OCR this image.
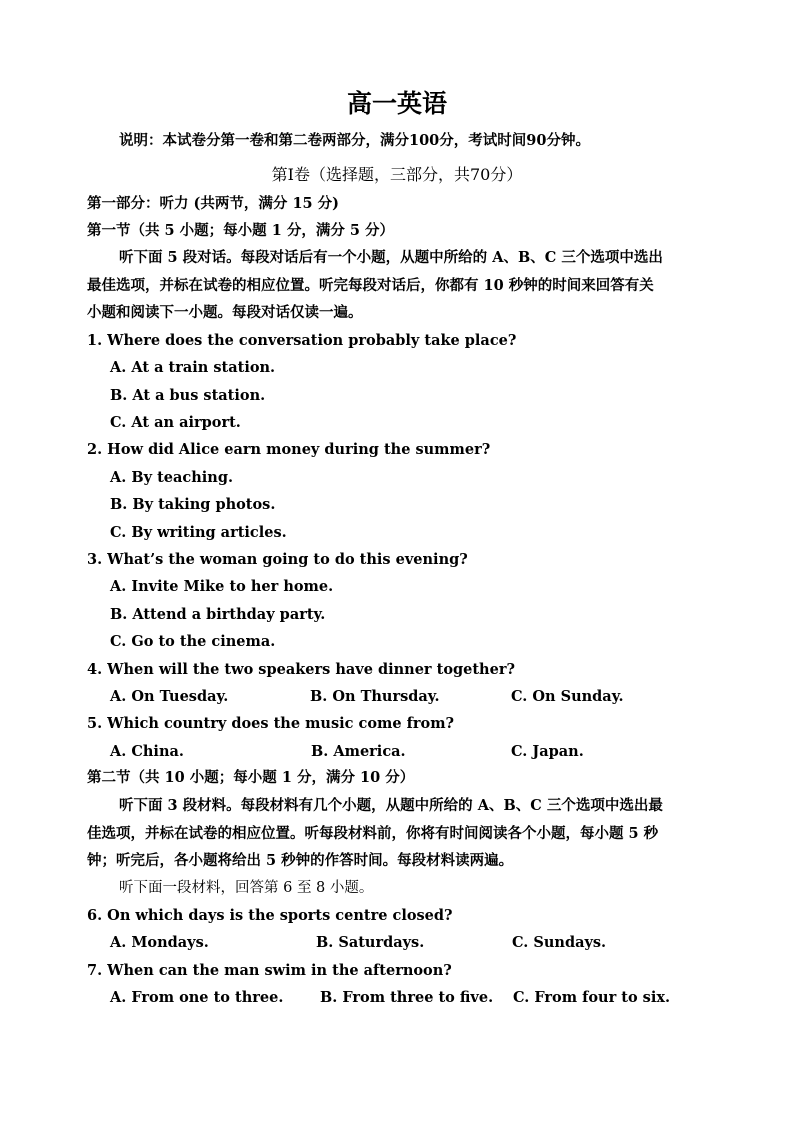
高一英语
说明：本试卷分第一卷和第二卷两部分，满分100分，考试时间90分钟。
第I卷（选择题，三部分，共70分）
第一部分：听力 (共两节，满分 15 分)
第一节（共 5 小题；每小题 1 分，满分 5 分）
听下面 5 段对话。每段对话后有一个小题，从题中所给的 A、B、C 三个选项中选出
最佳选项，并标在试卷的相应位置。听完每段对话后，你都有 10 秒钟的时间来回答有关
小题和阅读下一小题。每段对话仅读一遍。
1. Where does the conversation probably take place?
A. At a train station.
B. At a bus station.
C. At an airport.
2. How did Alice earn money during the summer?
A. By teaching.
B. By taking photos.
C. By writing articles.
3. What’s the woman going to do this evening?
A. Invite Mike to her home.
B. Attend a birthday party.
C. Go to the cinema.
4. When will the two speakers have dinner together?
A. On Tuesday.	B. On Thursday.	C. On Sunday.
5. Which country does the music come from?
A. China.	B. America.	C. Japan.
第二节（共 10 小题；每小题 1 分，满分 10 分）
听下面 3 段材料。每段材料有几个小题，从题中所给的 A、B、C 三个选项中选出最
佳选项，并标在试卷的相应位置。听每段材料前，你将有时间阅读各个小题，每小题 5 秒
钟；听完后，各小题将给出 5 秒钟的作答时间。每段材料读两遍。
听下面一段材料，回答第 6 至 8 小题。
6. On which days is the sports centre closed?
A. Mondays.	B. Saturdays.	C. Sundays.
7. When can the man swim in the afternoon?
A. From one to three.	B. From three to five. C. From four to six.
